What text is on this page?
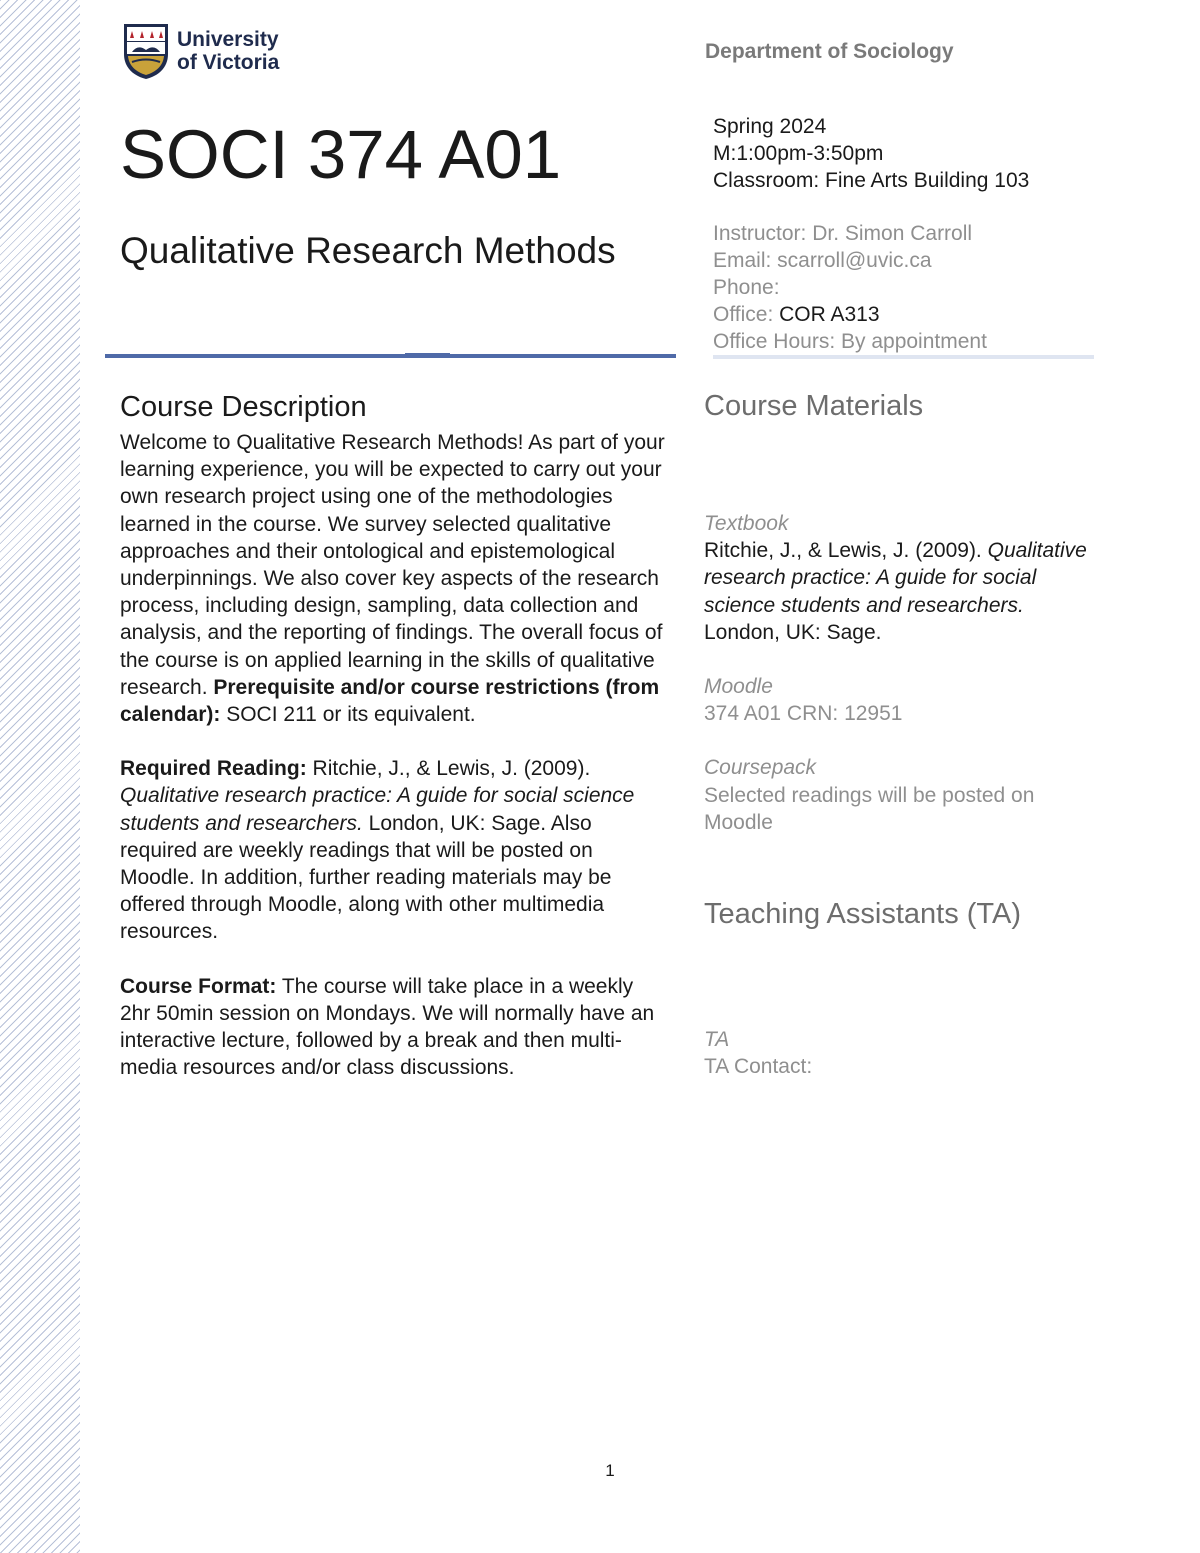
University
of Victoria	Department of Sociology
SOCI 374 A01
Qualitative Research Methods
Spring 2024
M:1:00pm-3:50pm
Classroom: Fine Arts Building 103
Instructor: Dr. Simon Carroll
Email: scarroll@uvic.ca
Phone:
Office: COR A313
Office Hours: By appointment
Course Description

Welcome to Qualitative Research Methods! As part of your learning experience, you will be expected to carry out your own research project using one of the methodologies learned in the course. We survey selected qualitative approaches and their ontological and epistemological underpinnings. We also cover key aspects of the research process, including design, sampling, data collection and analysis, and the reporting of findings. The overall focus of the course is on applied learning in the skills of qualitative research. Prerequisite and/or course restrictions (from calendar): SOCI 211 or its equivalent.

Required Reading: Ritchie, J., & Lewis, J. (2009). Qualitative research practice: A guide for social science students and researchers. London, UK: Sage. Also required are weekly readings that will be posted on Moodle. In addition, further reading materials may be offered through Moodle, along with other multimedia resources.

Course Format: The course will take place in a weekly 2hr 50min session on Mondays. We will normally have an interactive lecture, followed by a break and then multi-media resources and/or class discussions.

Course Materials
Textbook
Ritchie, J., & Lewis, J. (2009). Qualitative research practice: A guide for social science students and researchers. London, UK: Sage.
Moodle
374 A01 CRN: 12951
Coursepack
Selected readings will be posted on Moodle
Teaching Assistants (TA)
TA
TA Contact:
1
